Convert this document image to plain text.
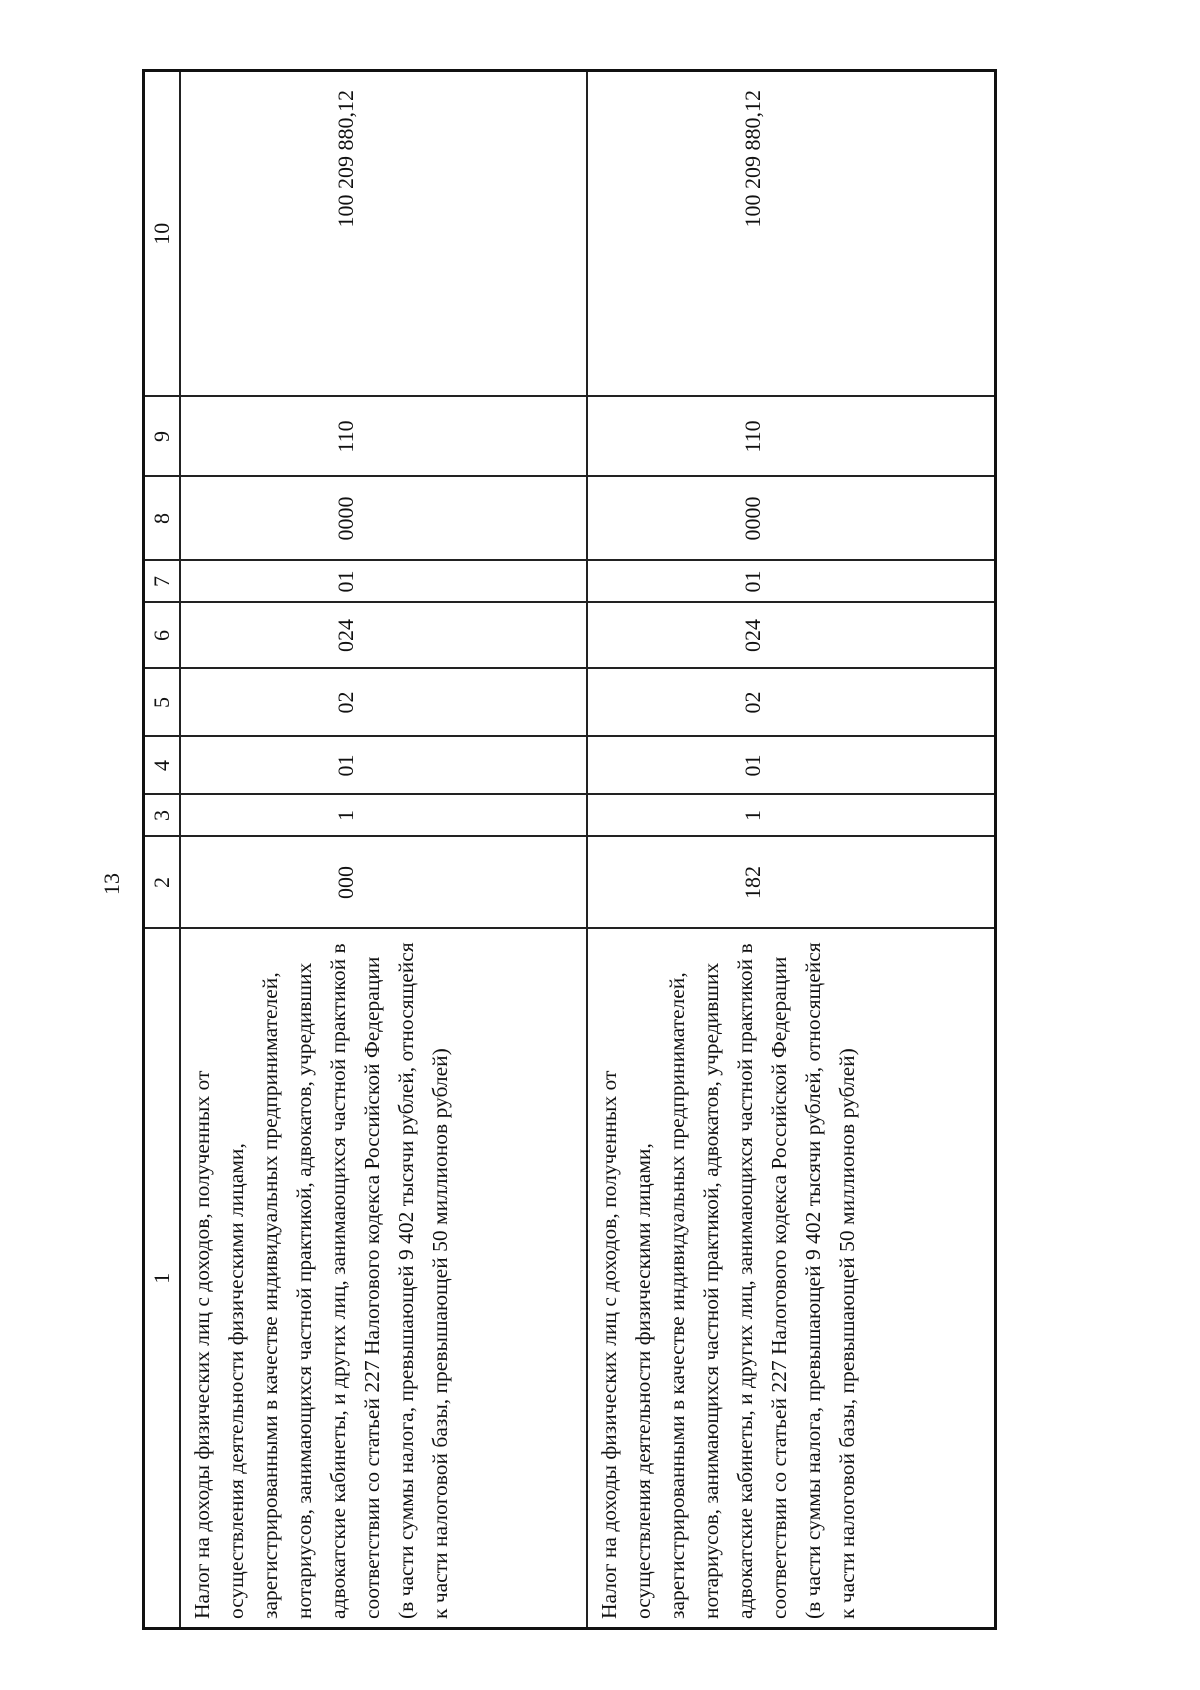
13
1	2	3	4	5	6	7	8	9	10
Налог на доходы физических лиц с доходов, полученных от осуществления деятельности физическими лицами, зарегистрированными в качестве индивидуальных предпринимателей, нотариусов, занимающихся частной практикой, адвокатов, учредивших адвокатские кабинеты, и других лиц, занимающихся частной практикой в соответствии со статьей 227 Налогового кодекса Российской Федерации (в части суммы налога, превышающей 9 402 тысячи рублей, относящейся к части налоговой базы, превышающей 50 миллионов рублей)	000	1	01	02	024	01	0000	110	100 209 880,12
Налог на доходы физических лиц с доходов, полученных от осуществления деятельности физическими лицами, зарегистрированными в качестве индивидуальных предпринимателей, нотариусов, занимающихся частной практикой, адвокатов, учредивших адвокатские кабинеты, и других лиц, занимающихся частной практикой в соответствии со статьей 227 Налогового кодекса Российской Федерации (в части суммы налога, превышающей 9 402 тысячи рублей, относящейся к части налоговой базы, превышающей 50 миллионов рублей)	182	1	01	02	024	01	0000	110	100 209 880,12
